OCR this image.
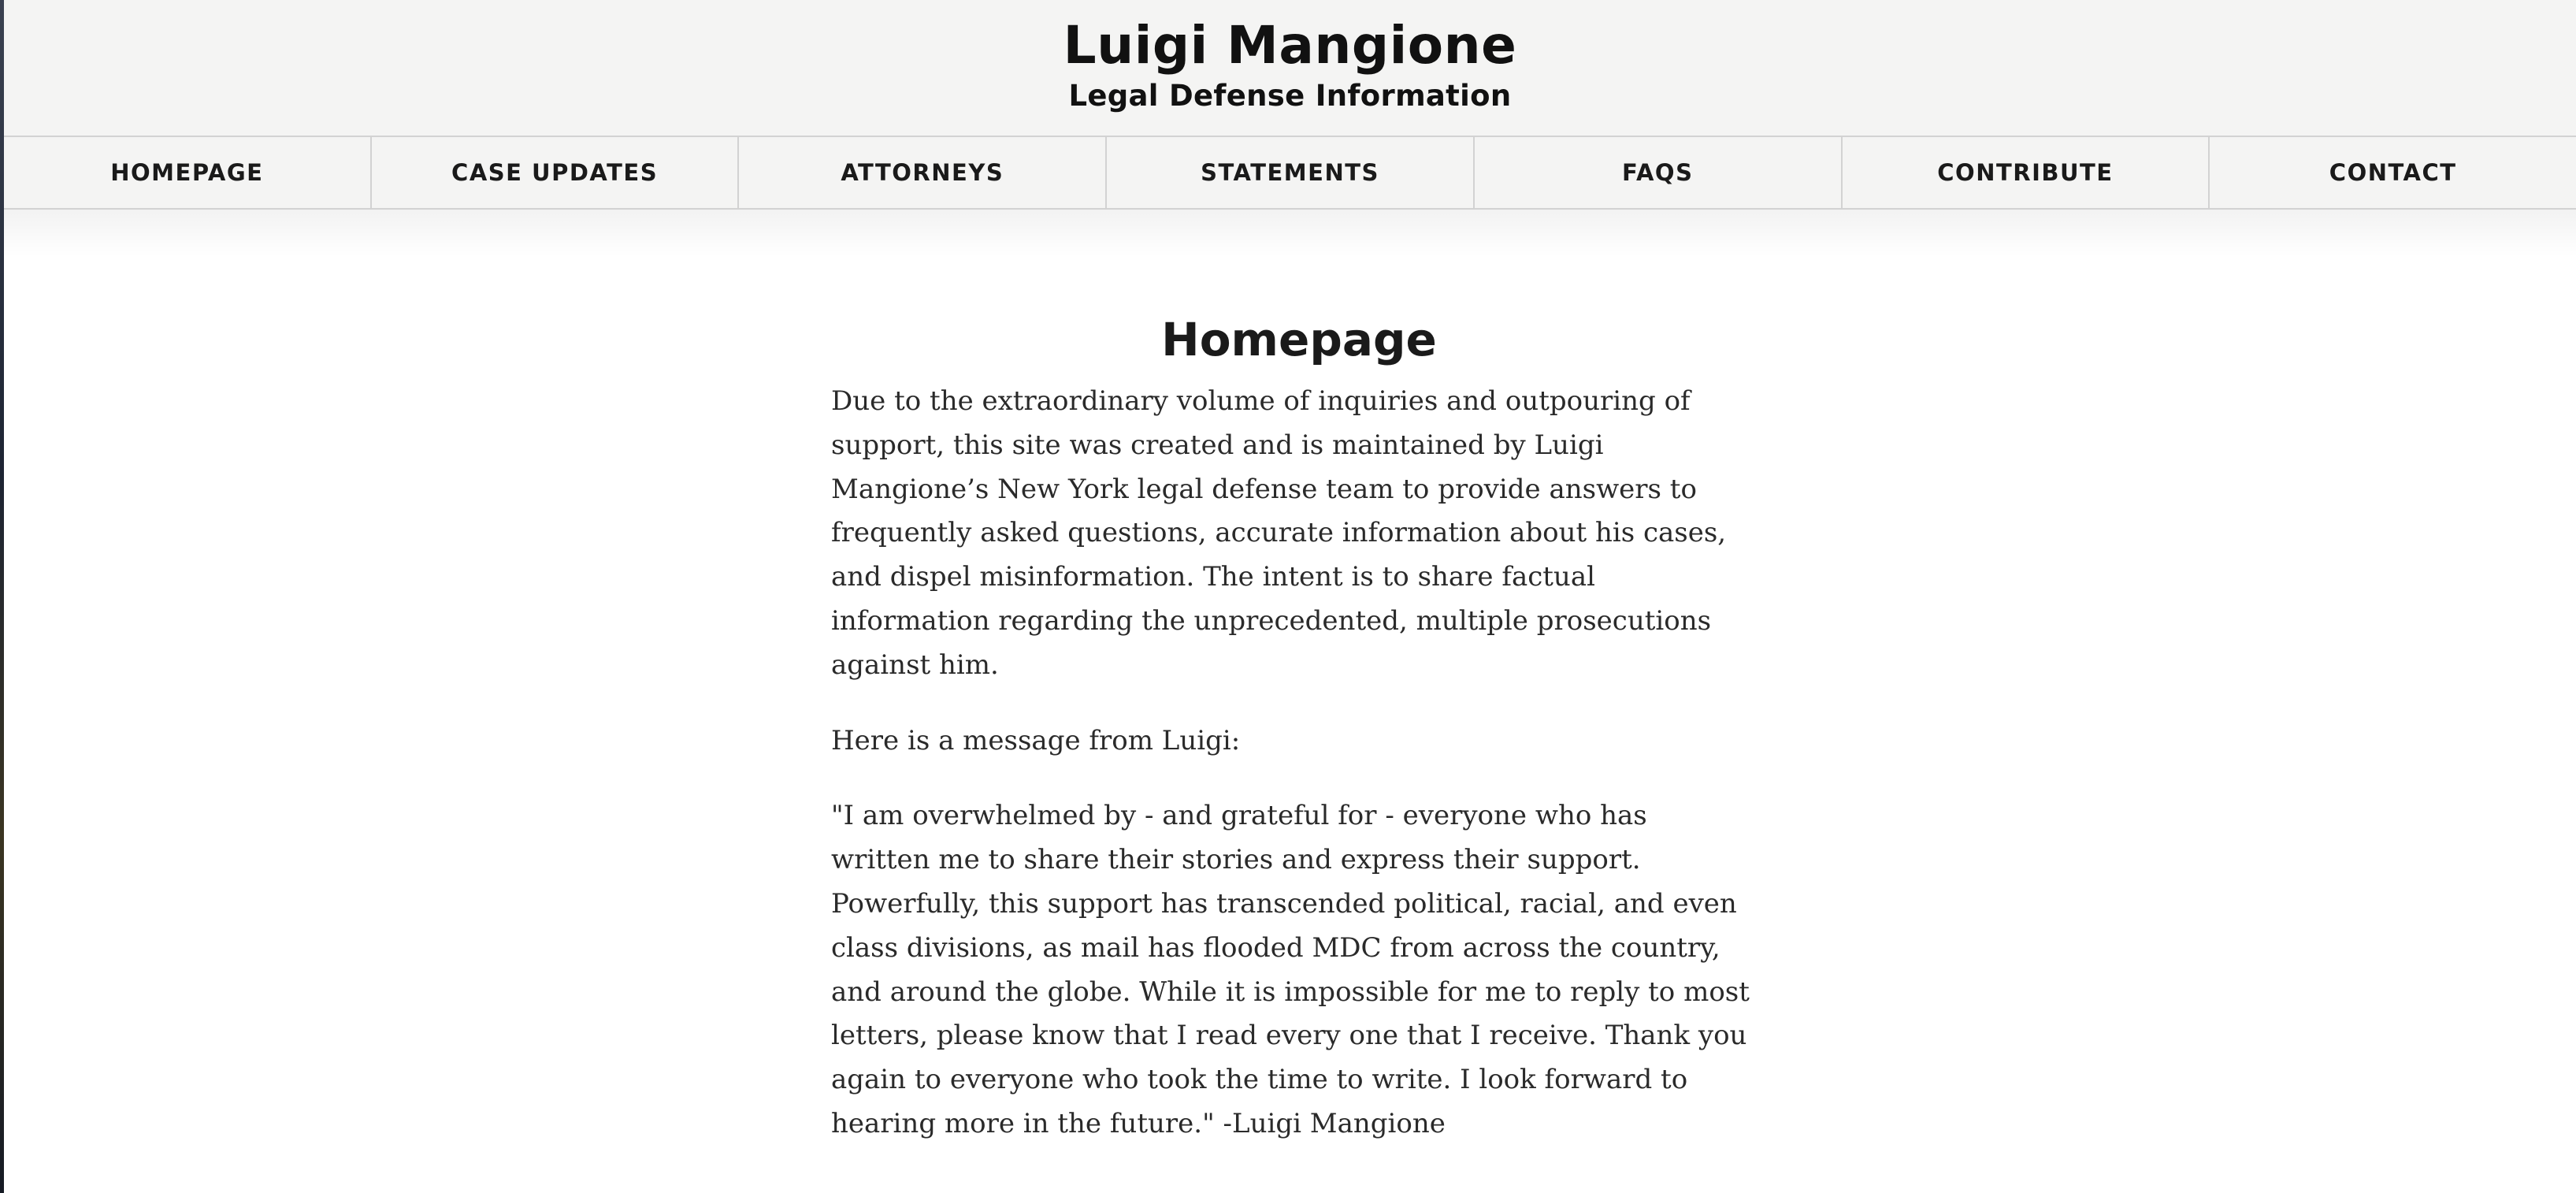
Luigi Mangione
Legal Defense Information
HOMEPAGE	CASE UPDATES	ATTORNEYS	STATEMENTS	FAQS	CONTRIBUTE	CONTACT
Homepage

Due to the extraordinary volume of inquiries and outpouring of support, this site was created and is maintained by Luigi Mangione’s New York legal defense team to provide answers to frequently asked questions, accurate information about his cases, and dispel misinformation. The intent is to share factual information regarding the unprecedented, multiple prosecutions against him.

Here is a message from Luigi:

"I am overwhelmed by - and grateful for - everyone who has written me to share their stories and express their support. Powerfully, this support has transcended political, racial, and even class divisions, as mail has flooded MDC from across the country, and around the globe. While it is impossible for me to reply to most letters, please know that I read every one that I receive. Thank you again to everyone who took the time to write. I look forward to hearing more in the future." -Luigi Mangione
